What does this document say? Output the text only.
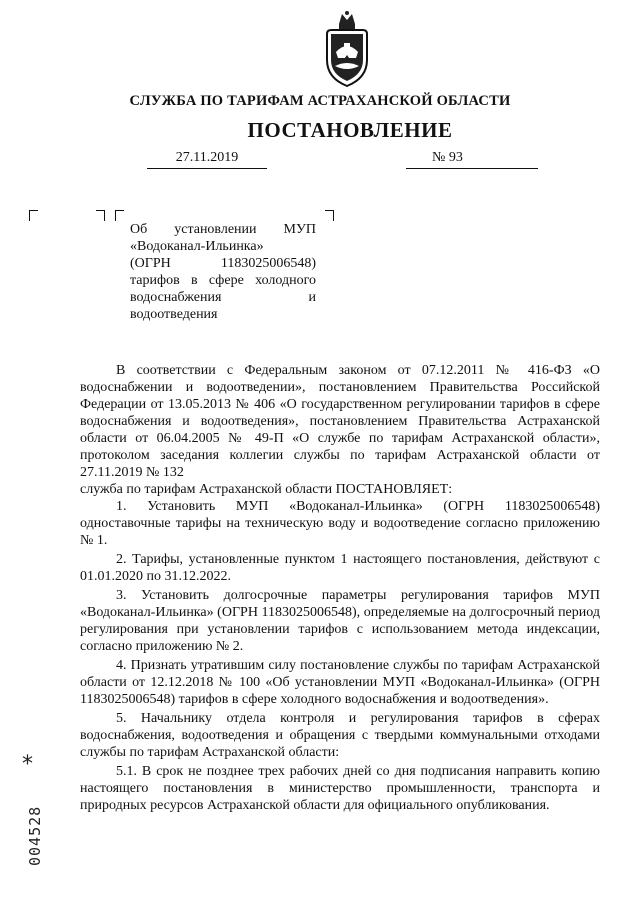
СЛУЖБА ПО ТАРИФАМ АСТРАХАНСКОЙ ОБЛАСТИ
ПОСТАНОВЛЕНИЕ
27.11.2019	№ 93
Об установлении МУП
«Водоканал-Ильинка»
(ОГРН 1183025006548)
тарифов в сфере холодного
водоснабжения и
водоотведения

В соответствии с Федеральным законом от 07.12.2011 № 416-ФЗ «О водоснабжении и водоотведении», постановлением Правительства Российской Федерации от 13.05.2013 № 406 «О государственном регулировании тарифов в сфере водоснабжения и водоотведения», постановлением Правительства Астраханской области от 06.04.2005 № 49-П «О службе по тарифам Астраханской области», протоколом заседания коллегии службы по тарифам Астраханской области от 27.11.2019 № 132

служба по тарифам Астраханской области ПОСТАНОВЛЯЕТ:

1. Установить МУП «Водоканал-Ильинка» (ОГРН 1183025006548) одноставочные тарифы на техническую воду и водоотведение согласно приложению № 1.

2. Тарифы, установленные пунктом 1 настоящего постановления, действуют с 01.01.2020 по 31.12.2022.

3. Установить долгосрочные параметры регулирования тарифов МУП «Водоканал-Ильинка» (ОГРН 1183025006548), определяемые на долгосрочный период регулирования при установлении тарифов с использованием метода индексации, согласно приложению № 2.

4. Признать утратившим силу постановление службы по тарифам Астраханской области от 12.12.2018 № 100 «Об установлении МУП «Водоканал-Ильинка» (ОГРН 1183025006548) тарифов в сфере холодного водоснабжения и водоотведения».

5. Начальнику отдела контроля и регулирования тарифов в сферах водоснабжения, водоотведения и обращения с твердыми коммунальными отходами службы по тарифам Астраханской области:

5.1. В срок не позднее трех рабочих дней со дня подписания направить копию настоящего постановления в министерство промышленности, транспорта и природных ресурсов Астраханской области для официального опубликования.

*
004528
